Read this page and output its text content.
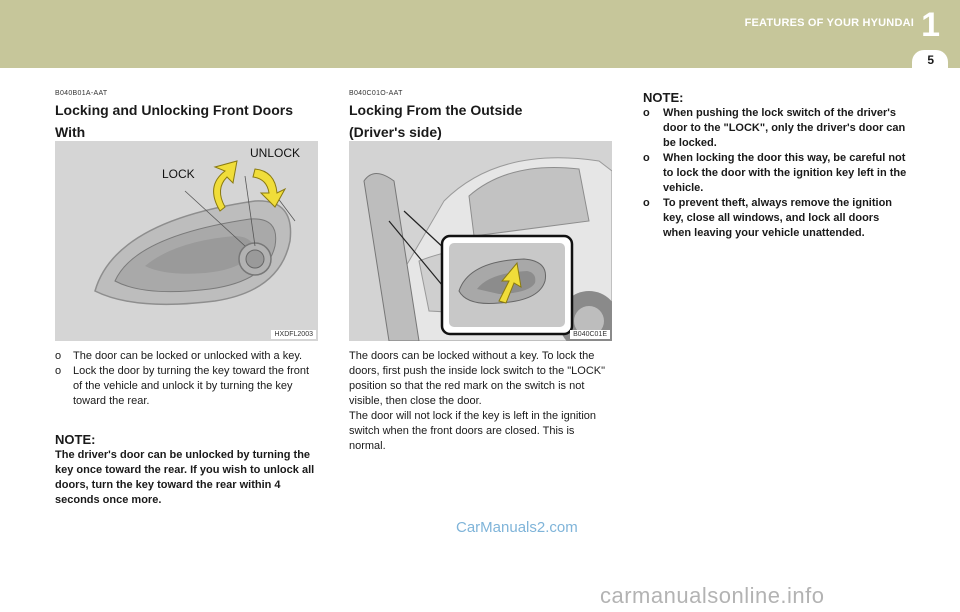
FEATURES OF YOUR HYUNDAI 1
5
B040B01A-AAT
Locking and Unlocking Front Doors With
LOCK
UNLOCK
HXDFL2003
o The door can be locked or unlocked with a key.
o Lock the door by turning the key toward the front of the vehicle and unlock it by turning the key toward the rear.
NOTE:

The driver's door can be unlocked by turning the key once toward the rear. If you wish to unlock all doors, turn the key toward the rear within 4 seconds once more.

B040C01O-AAT
Locking From the Outside
(Driver's side)
B040C01E

The doors can be locked without a key. To lock the doors, first push the inside lock switch to the "LOCK" position so that the red mark on the switch is not visible, then close the door.

The door will not lock if the key is left in the ignition switch when the front doors are closed. This is normal.

NOTE:
o When pushing the lock switch of the driver's door to the "LOCK", only the driver's door can be locked.
o When locking the door this way, be careful not to lock the door with the ignition key left in the vehicle.
o To prevent theft, always remove the ignition key, close all windows, and lock all doors when leaving your vehicle unattended.
CarManuals2.com
carmanualsonline.info
